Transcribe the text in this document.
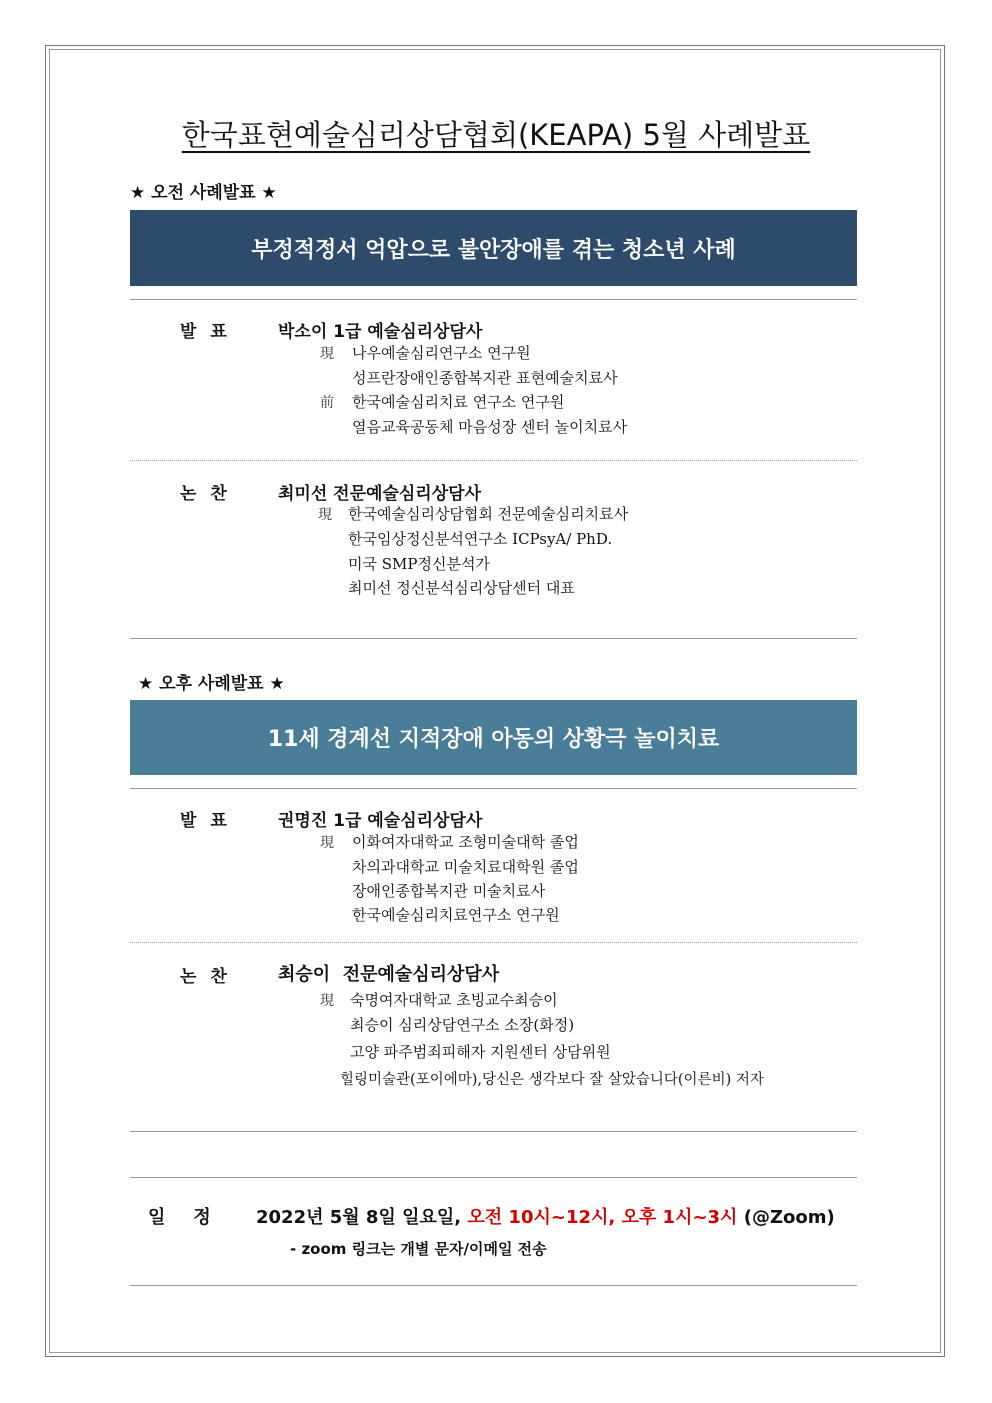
한국표현예술심리상담협회(KEAPA) 5월 사례발표
★ 오전 사례발표 ★
부정적정서 억압으로 불안장애를 겪는 청소년 사례
발 표	박소이 1급 예술심리상담사
現 나우예술심리연구소 연구원
성프란장애인종합복지관 표현예술치료사
前 한국예술심리치료 연구소 연구원
열음교육공동체 마음성장 센터 놀이치료사
논 찬	최미선 전문예술심리상담사
現 한국예술심리상담협회 전문예술심리치료사
한국임상정신분석연구소 ICPsyA/ PhD.
미국 SMP정신분석가
최미선 정신분석심리상담센터 대표
★ 오후 사례발표 ★
11세 경계선 지적장애 아동의 상황극 놀이치료
발 표	권명진 1급 예술심리상담사
現 이화여자대학교 조형미술대학 졸업
차의과대학교 미술치료대학원 졸업
장애인종합복지관 미술치료사
한국예술심리치료연구소 연구원
논 찬	최승이  전문예술심리상담사
現 숙명여자대학교 초빙교수최승이
최승이 심리상담연구소 소장(화정)
고양 파주범죄피해자 지원센터 상담위원
힐링미술관(포이에마),당신은 생각보다 잘 살았습니다(이른비) 저자
일정 2022년 5월 8일 일요일, 오전 10시~12시, 오후 1시~3시 (@Zoom)
- zoom 링크는 개별 문자/이메일 전송
